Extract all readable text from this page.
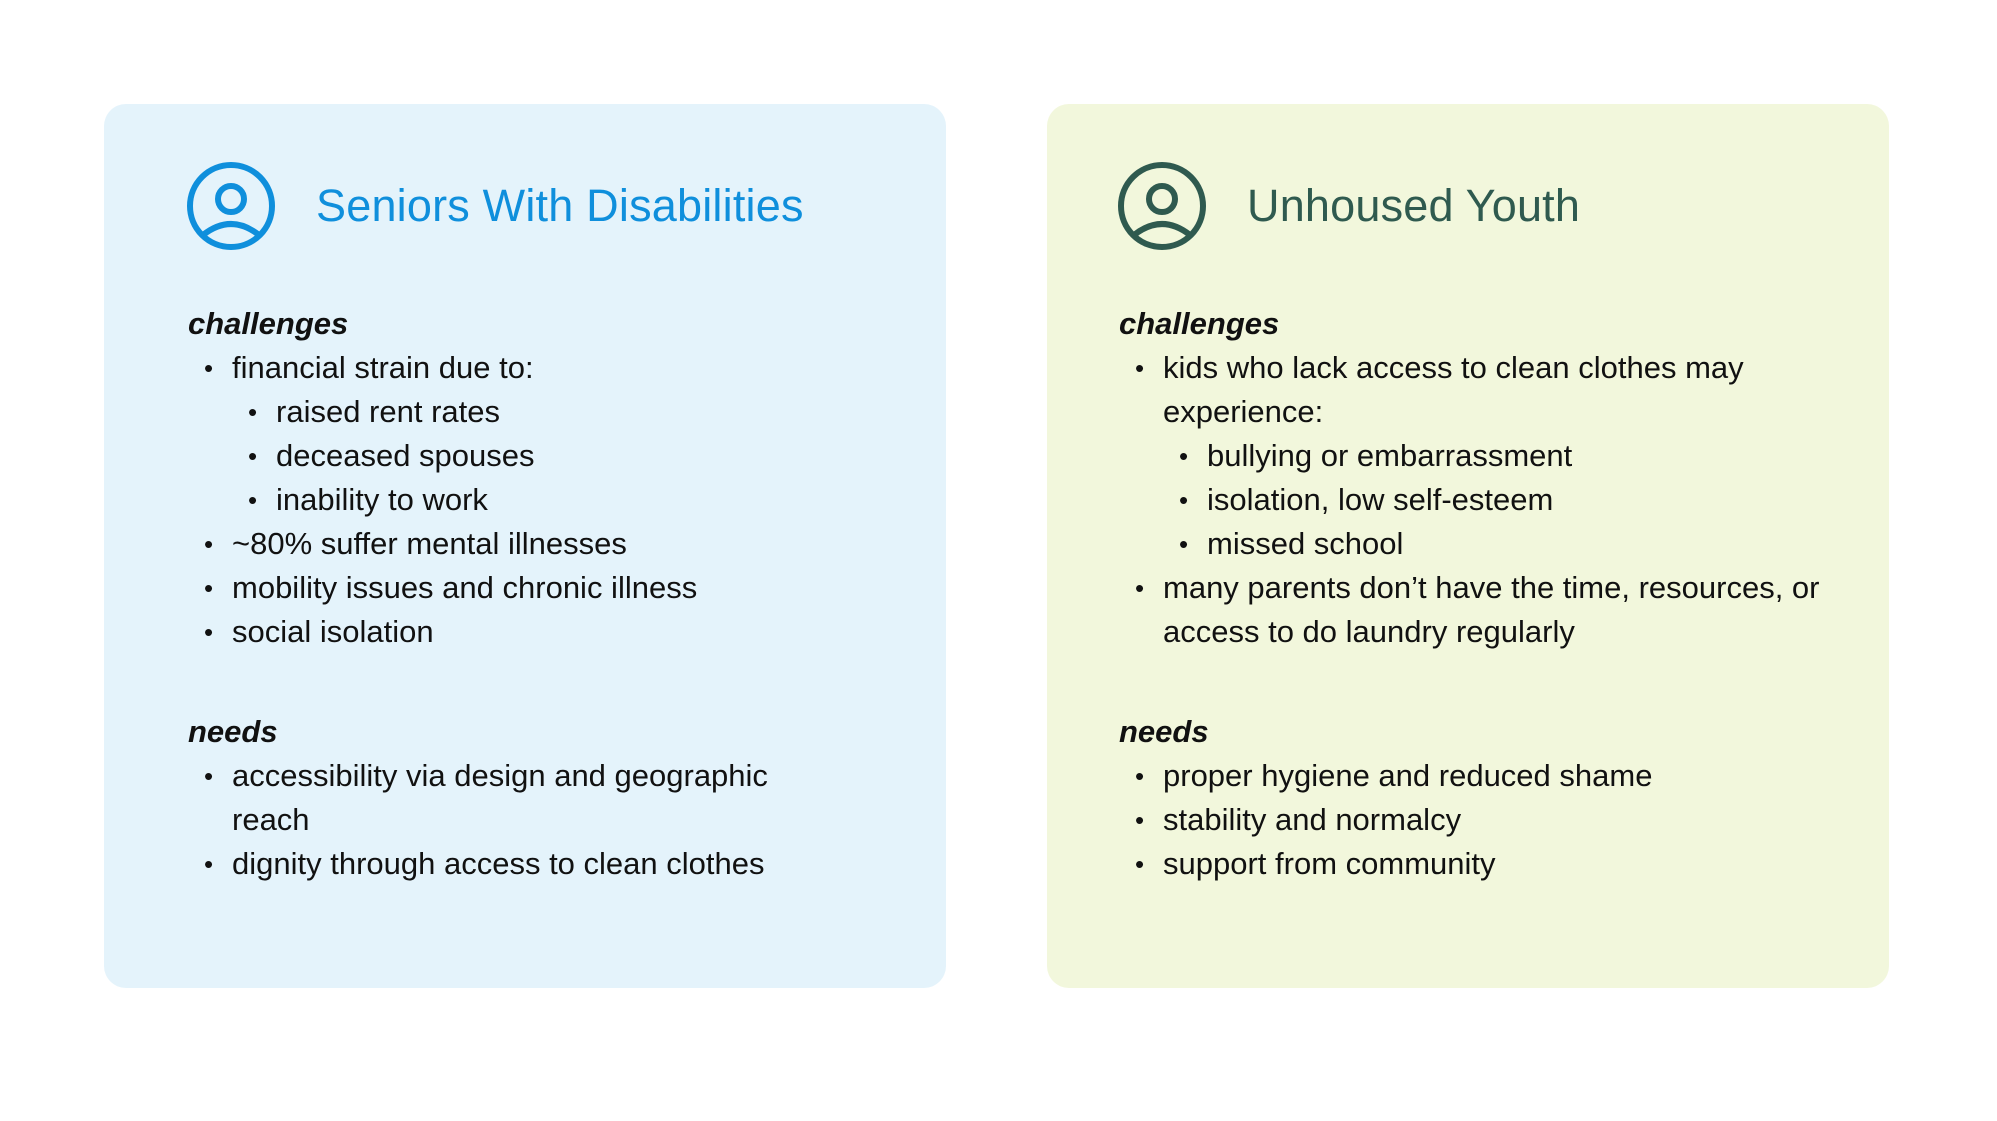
Seniors With Disabilities
challenges
• financial strain due to:
• raised rent rates
• deceased spouses
• inability to work
• ~80% suffer mental illnesses
• mobility issues and chronic illness
• social isolation
needs
• accessibility via design and geographic reach
• dignity through access to clean clothes
Unhoused Youth
challenges
• kids who lack access to clean clothes may experience:
• bullying or embarrassment
• isolation, low self-esteem
• missed school
• many parents don’t have the time, resources, or access to do laundry regularly
needs
• proper hygiene and reduced shame
• stability and normalcy
• support from community
